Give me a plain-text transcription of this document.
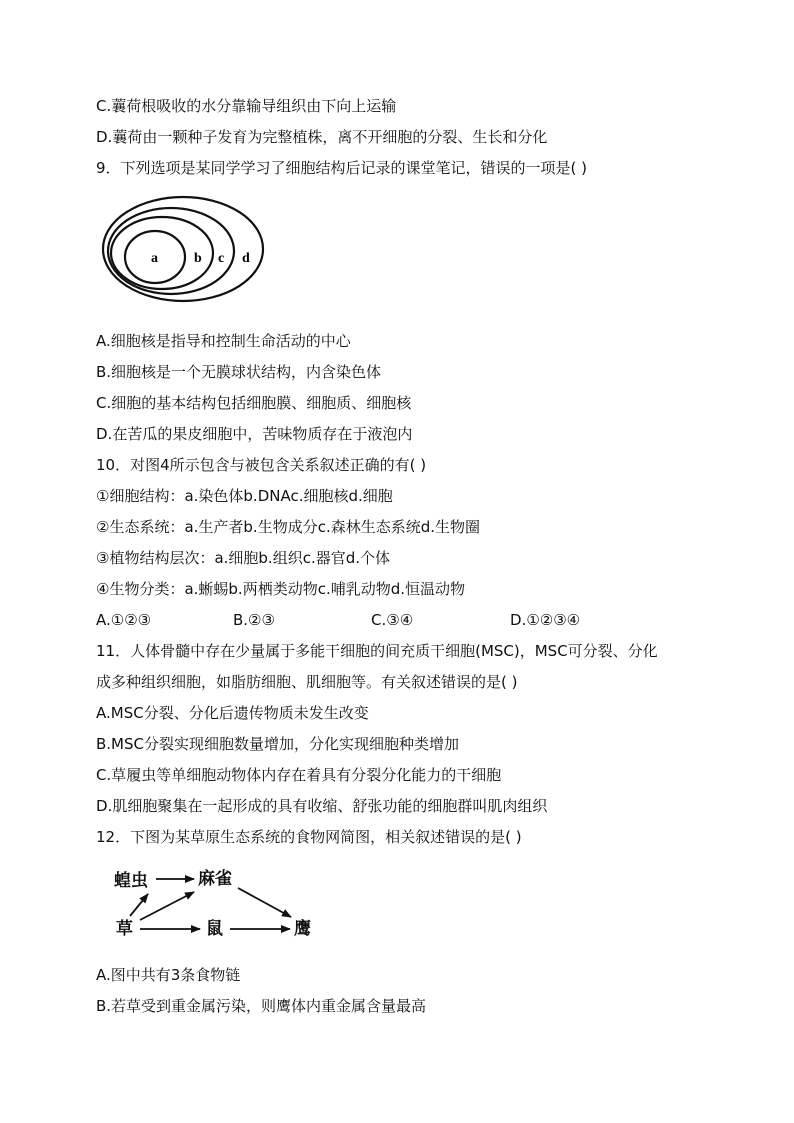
C.蘘荷根吸收的水分靠输导组织由下向上运输
D.蘘荷由一颗种子发育为完整植株，离不开细胞的分裂、生长和分化
9．下列选项是某同学学习了细胞结构后记录的课堂笔记，错误的一项是( )
a	b c d
A.细胞核是指导和控制生命活动的中心
B.细胞核是一个无膜球状结构，内含染色体
C.细胞的基本结构包括细胞膜、细胞质、细胞核
D.在苦瓜的果皮细胞中，苦味物质存在于液泡内
10．对图4所示包含与被包含关系叙述正确的有( )
①细胞结构：a.染色体b.DNAc.细胞核d.细胞
②生态系统：a.生产者b.生物成分c.森林生态系统d.生物圈
③植物结构层次：a.细胞b.组织c.器官d.个体
④生物分类：a.蜥蜴b.两栖类动物c.哺乳动物d.恒温动物
A.①②③	B.②③	C.③④	D.①②③④
11．人体骨髓中存在少量属于多能干细胞的间充质干细胞(MSC)，MSC可分裂、分化
成多种组织细胞，如脂肪细胞、肌细胞等。有关叙述错误的是( )
A.MSC分裂、分化后遗传物质未发生改变
B.MSC分裂实现细胞数量增加，分化实现细胞种类增加
C.草履虫等单细胞动物体内存在着具有分裂分化能力的干细胞
D.肌细胞聚集在一起形成的具有收缩、舒张功能的细胞群叫肌肉组织
12．下图为某草原生态系统的食物网简图，相关叙述错误的是( )
蝗虫	麻雀
草	鼠	鹰
A.图中共有3条食物链
B.若草受到重金属污染，则鹰体内重金属含量最高
